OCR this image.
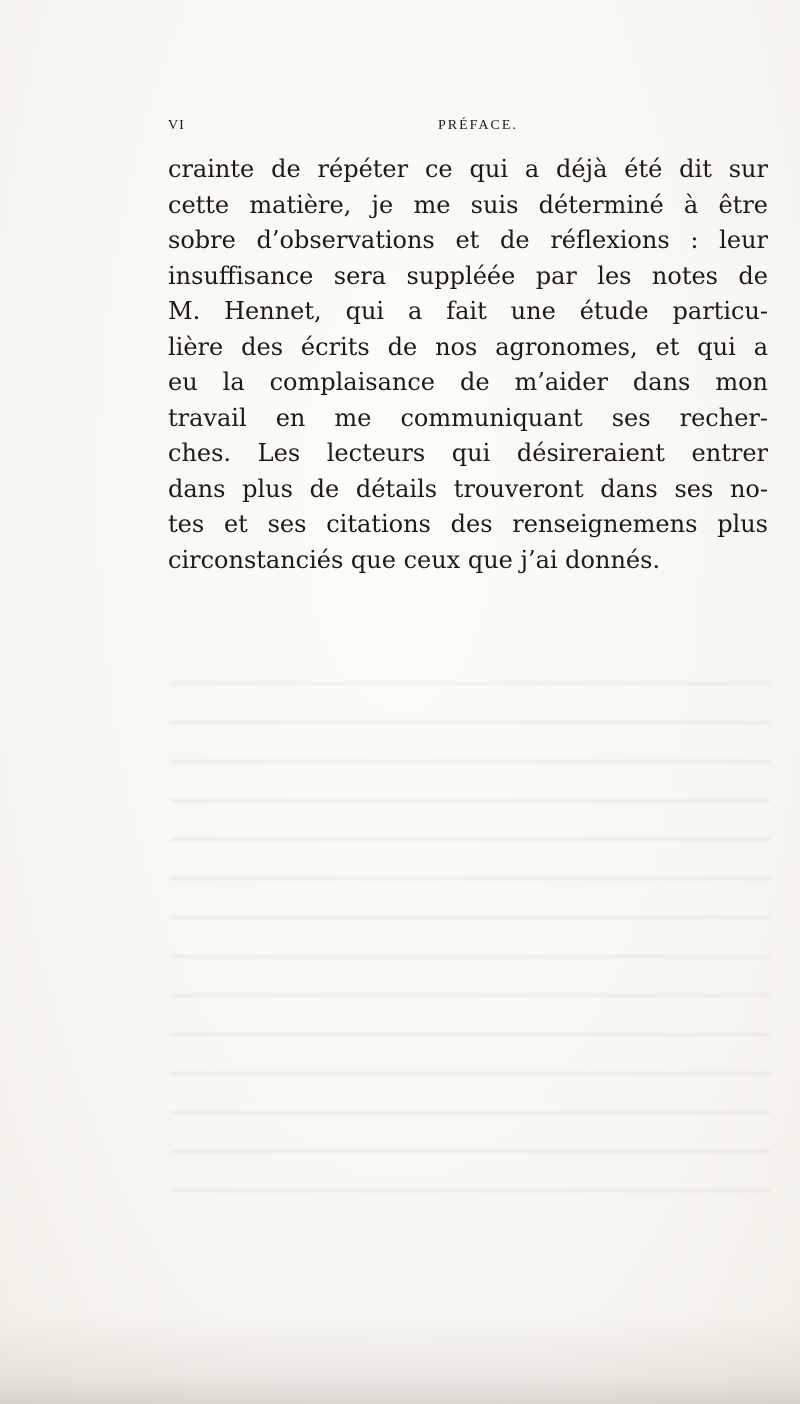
VI	PRÉFACE.
crainte de répéter ce qui a déjà été dit sur
cette matière, je me suis déterminé à être
sobre d’observations et de réflexions : leur
insuffisance sera suppléée par les notes de
M. Hennet, qui a fait une étude particu-
lière des écrits de nos agronomes, et qui a
eu la complaisance de m’aider dans mon
travail en me communiquant ses recher-
ches. Les lecteurs qui désireraient entrer
dans plus de détails trouveront dans ses no-
tes et ses citations des renseignemens plus
circonstanciés que ceux que j’ai donnés.
